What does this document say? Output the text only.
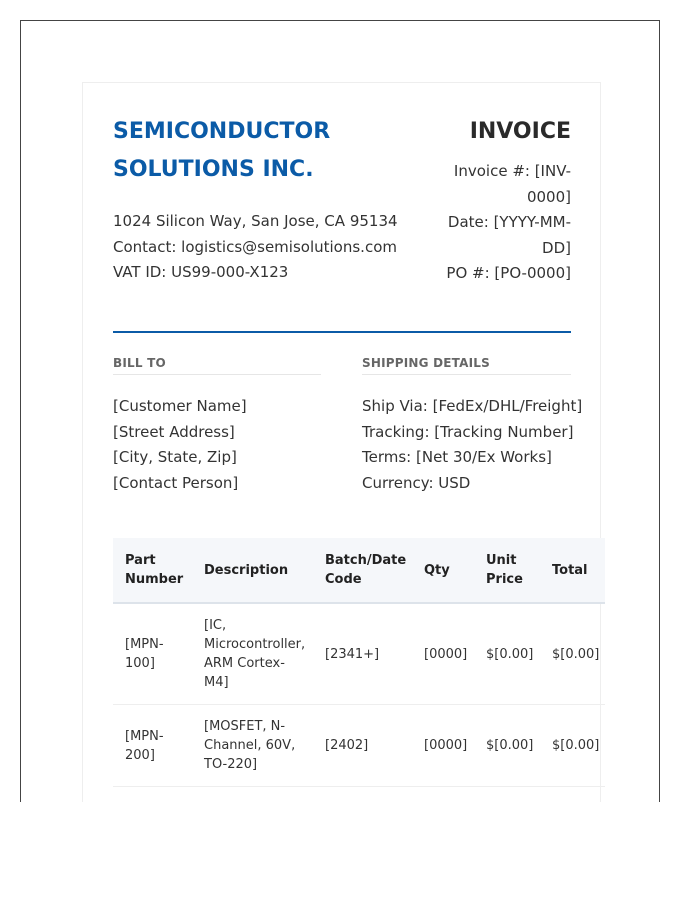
SEMICONDUCTOR SOLUTIONS INC.
1024 Silicon Way, San Jose, CA 95134
Contact: logistics@semisolutions.com
VAT ID: US99-000-X123
INVOICE
Invoice #: [INV-0000]
Date: [YYYY-MM-DD]
PO #: [PO-0000]
BILL TO
[Customer Name]
[Street Address]
[City, State, Zip]
[Contact Person]
SHIPPING DETAILS
Ship Via: [FedEx/DHL/Freight]
Tracking: [Tracking Number]
Terms: [Net 30/Ex Works]
Currency: USD
Part Number	Description	Batch/Date Code	Qty	Unit Price	Total
[MPN-100]	[IC, Microcontroller, ARM Cortex-M4]	[2341+]	[0000]	$[0.00]	$[0.00]
[MPN-200]	[MOSFET, N-Channel, 60V, TO-220]	[2402]	[0000]	$[0.00]	$[0.00]
